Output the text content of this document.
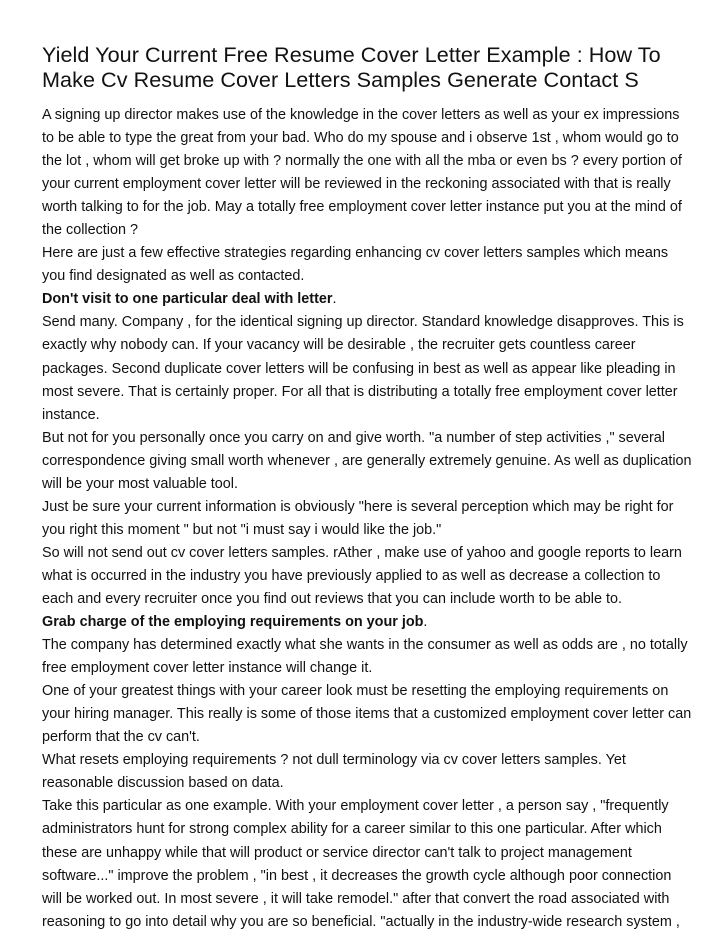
Yield Your Current Free Resume Cover Letter Example : How To
Make Cv Resume Cover Letters Samples Generate Contact S

A signing up director makes use of the knowledge in the cover letters as well as your ex impressions to be able to type the great from your bad. Who do my spouse and i observe 1st , whom would go to the lot , whom will get broke up with ? normally the one with all the mba or even bs ? every portion of your current employment cover letter will be reviewed in the reckoning associated with that is really worth talking to for the job. May a totally free employment cover letter instance put you at the mind of the collection ?

Here are just a few effective strategies regarding enhancing cv cover letters samples which means you find designated as well as contacted.

Don't visit to one particular deal with letter.

Send many. Company , for the identical signing up director. Standard knowledge disapproves. This is exactly why nobody can. If your vacancy will be desirable , the recruiter gets countless career packages. Second duplicate cover letters will be confusing in best as well as appear like pleading in most severe. That is certainly proper. For all that is distributing a totally free employment cover letter instance.

But not for you personally once you carry on and give worth. "a number of step activities ," several correspondence giving small worth whenever , are generally extremely genuine. As well as duplication will be your most valuable tool.

Just be sure your current information is obviously "here is several perception which may be right for you right this moment " but not "i must say i would like the job."

So will not send out cv cover letters samples. rAther , make use of yahoo and google reports to learn what is occurred in the industry you have previously applied to as well as decrease a collection to each and every recruiter once you find out reviews that you can include worth to be able to.

Grab charge of the employing requirements on your job.

The company has determined exactly what she wants in the consumer as well as odds are , no totally free employment cover letter instance will change it.

One of your greatest things with your career look must be resetting the employing requirements on your hiring manager. This really is some of those items that a customized employment cover letter can perform that the cv can't.

What resets employing requirements ? not dull terminology via cv cover letters samples. Yet reasonable discussion based on data.

Take this particular as one example. With your employment cover letter , a person say , "frequently administrators hunt for strong complex ability for a career similar to this one particular. After which these are unhappy while that will product or service director can't talk to project management software..." improve the problem , "in best , it decreases the growth cycle although poor connection will be worked out. In most severe , it will take remodel." after that convert the road associated with reasoning to go into detail why you are so beneficial. "actually in the industry-wide research system ,
